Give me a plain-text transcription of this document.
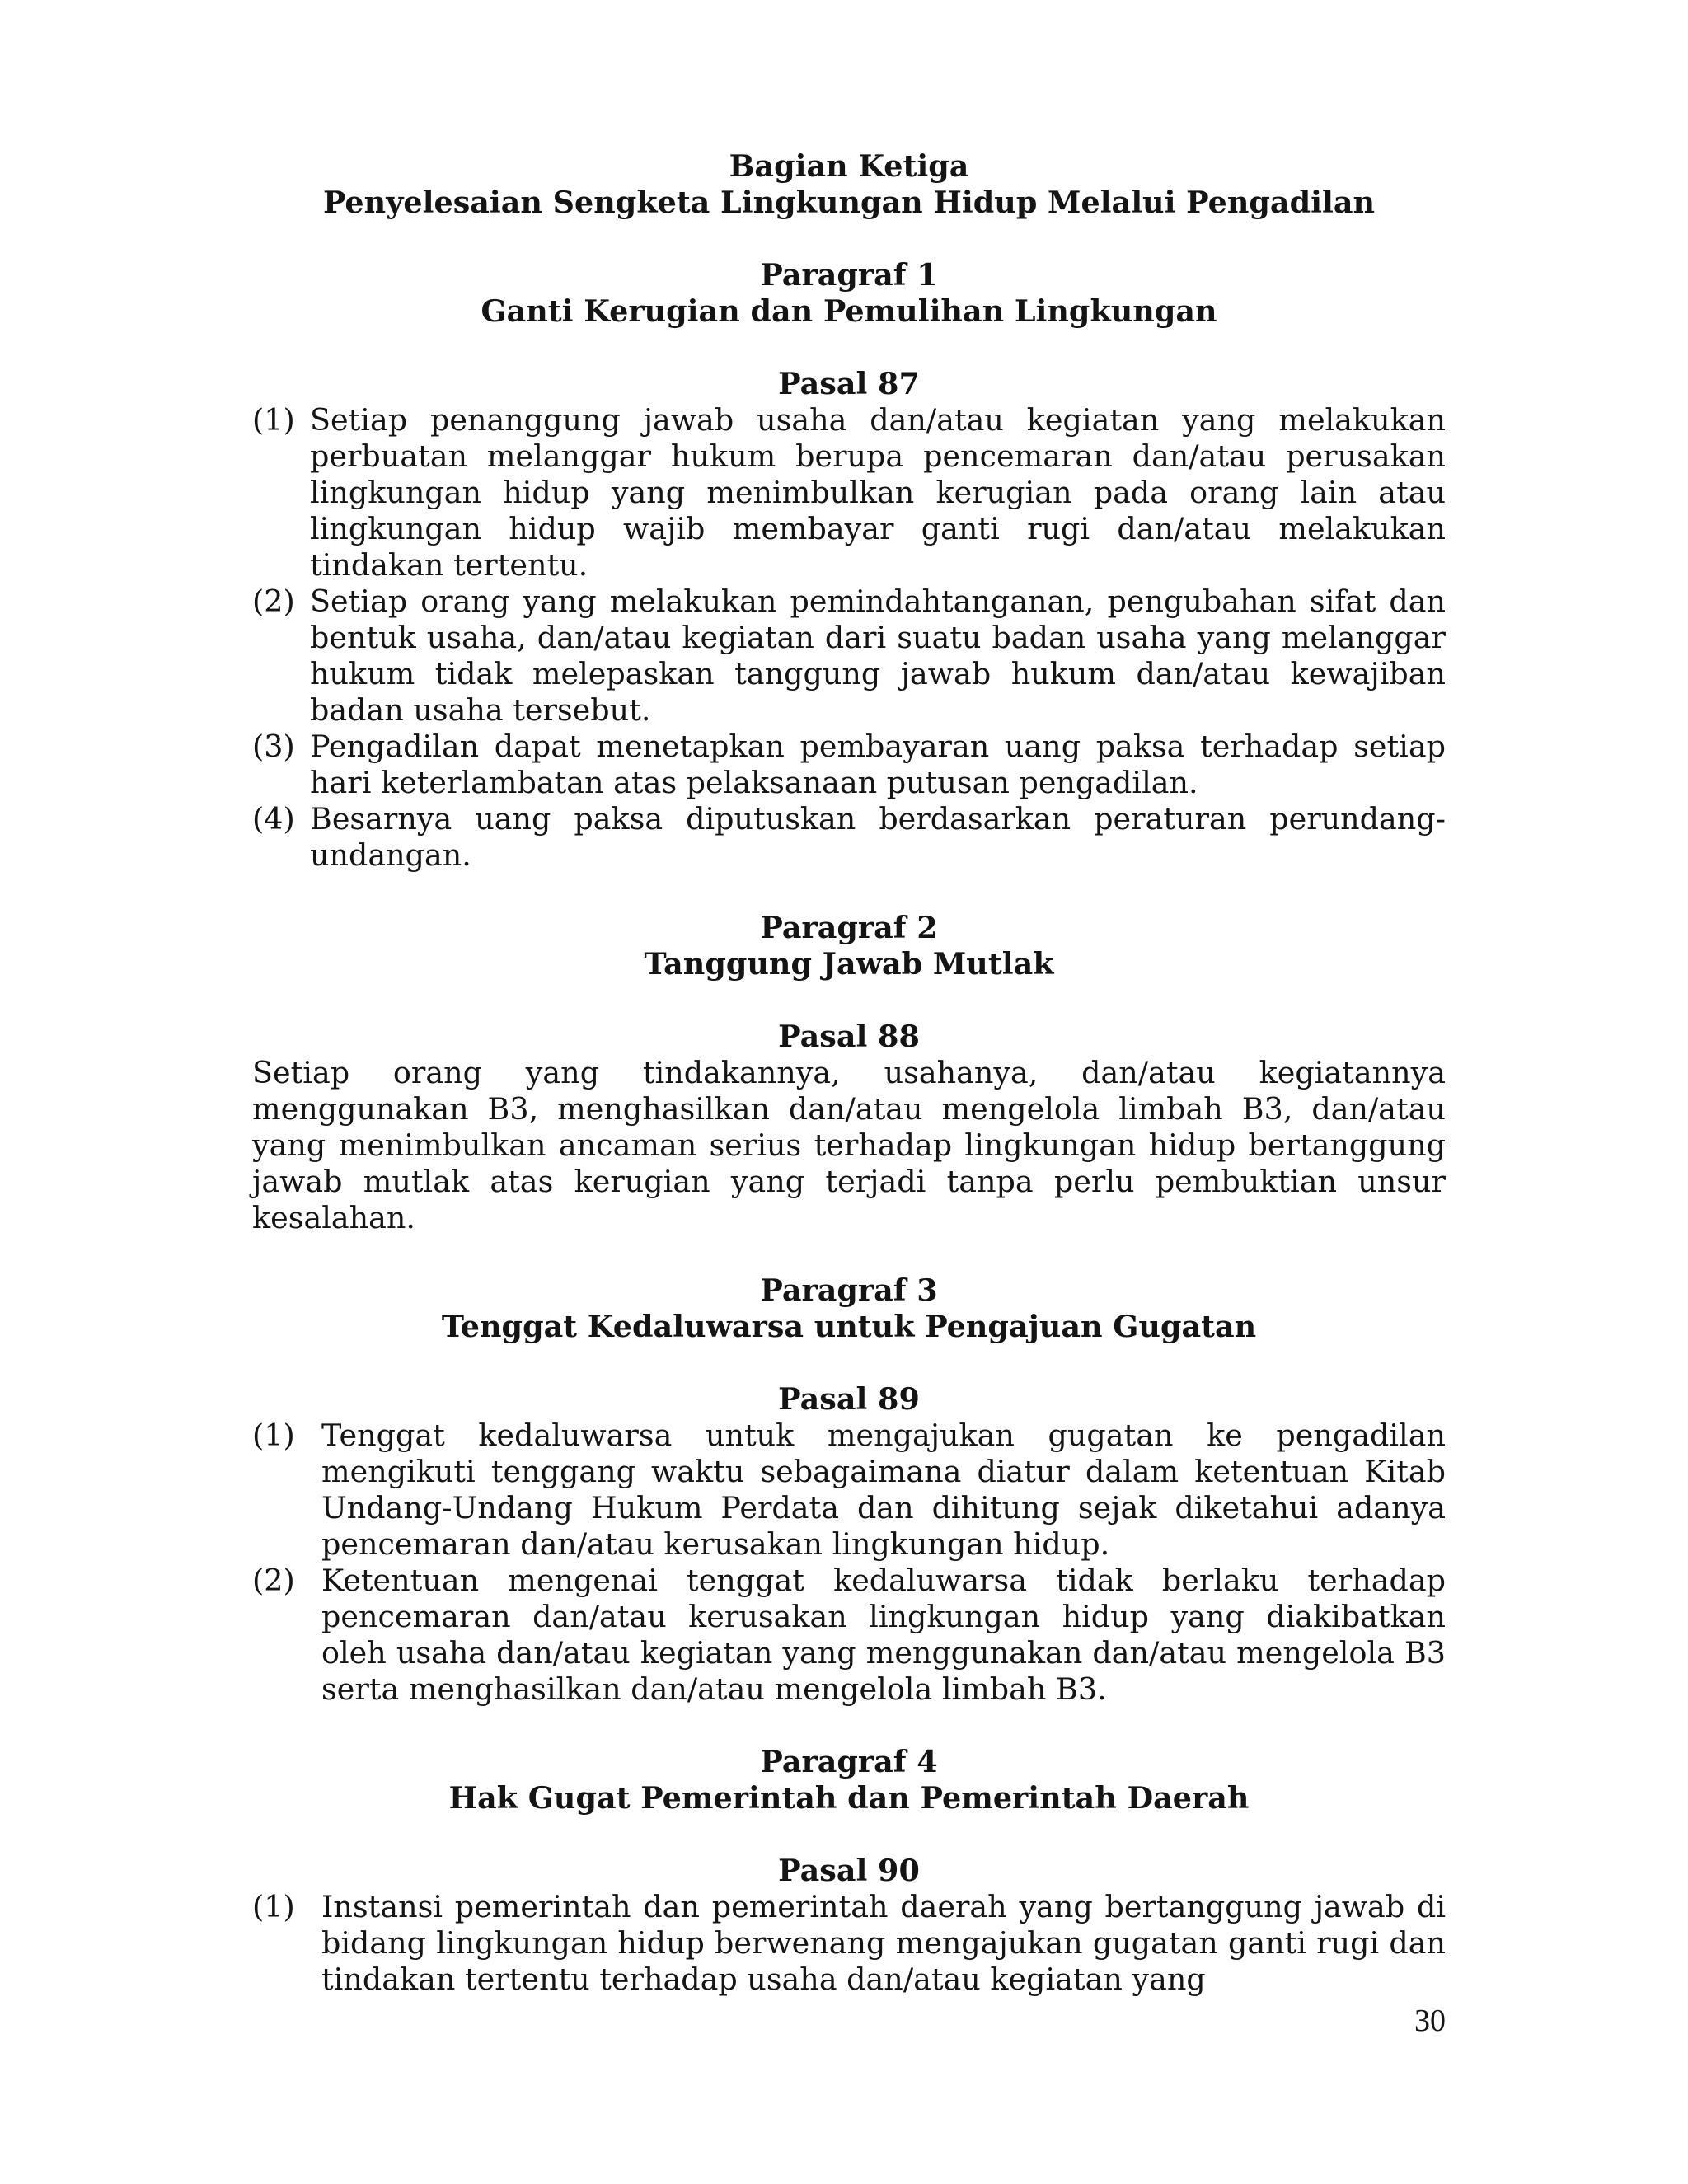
Bagian Ketiga
Penyelesaian Sengketa Lingkungan Hidup Melalui Pengadilan
Paragraf 1
Ganti Kerugian dan Pemulihan Lingkungan
Pasal 87
(1) Setiap penanggung jawab usaha dan/atau kegiatan yang melakukan perbuatan melanggar hukum berupa pencemaran dan/atau perusakan lingkungan hidup yang menimbulkan kerugian pada orang lain atau lingkungan hidup wajib membayar ganti rugi dan/atau melakukan tindakan tertentu.
(2) Setiap orang yang melakukan pemindahtanganan, pengubahan sifat dan bentuk usaha, dan/atau kegiatan dari suatu badan usaha yang melanggar hukum tidak melepaskan tanggung jawab hukum dan/atau kewajiban badan usaha tersebut.
(3) Pengadilan dapat menetapkan pembayaran uang paksa terhadap setiap hari keterlambatan atas pelaksanaan putusan pengadilan.
(4) Besarnya uang paksa diputuskan berdasarkan peraturan perundang-undangan.
Paragraf 2
Tanggung Jawab Mutlak
Pasal 88
Setiap orang yang tindakannya, usahanya, dan/atau kegiatannya menggunakan B3, menghasilkan dan/atau mengelola limbah B3, dan/atau yang menimbulkan ancaman serius terhadap lingkungan hidup bertanggung jawab mutlak atas kerugian yang terjadi tanpa perlu pembuktian unsur kesalahan.
Paragraf 3
Tenggat Kedaluwarsa untuk Pengajuan Gugatan
Pasal 89
(1) Tenggat kedaluwarsa untuk mengajukan gugatan ke pengadilan mengikuti tenggang waktu sebagaimana diatur dalam ketentuan Kitab Undang-Undang Hukum Perdata dan dihitung sejak diketahui adanya pencemaran dan/atau kerusakan lingkungan hidup.
(2) Ketentuan mengenai tenggat kedaluwarsa tidak berlaku terhadap pencemaran dan/atau kerusakan lingkungan hidup yang diakibatkan oleh usaha dan/atau kegiatan yang menggunakan dan/atau mengelola B3 serta menghasilkan dan/atau mengelola limbah B3.
Paragraf 4
Hak Gugat Pemerintah dan Pemerintah Daerah
Pasal 90
(1) Instansi pemerintah dan pemerintah daerah yang bertanggung jawab di bidang lingkungan hidup berwenang mengajukan gugatan ganti rugi dan tindakan tertentu terhadap usaha dan/atau kegiatan yang
30
